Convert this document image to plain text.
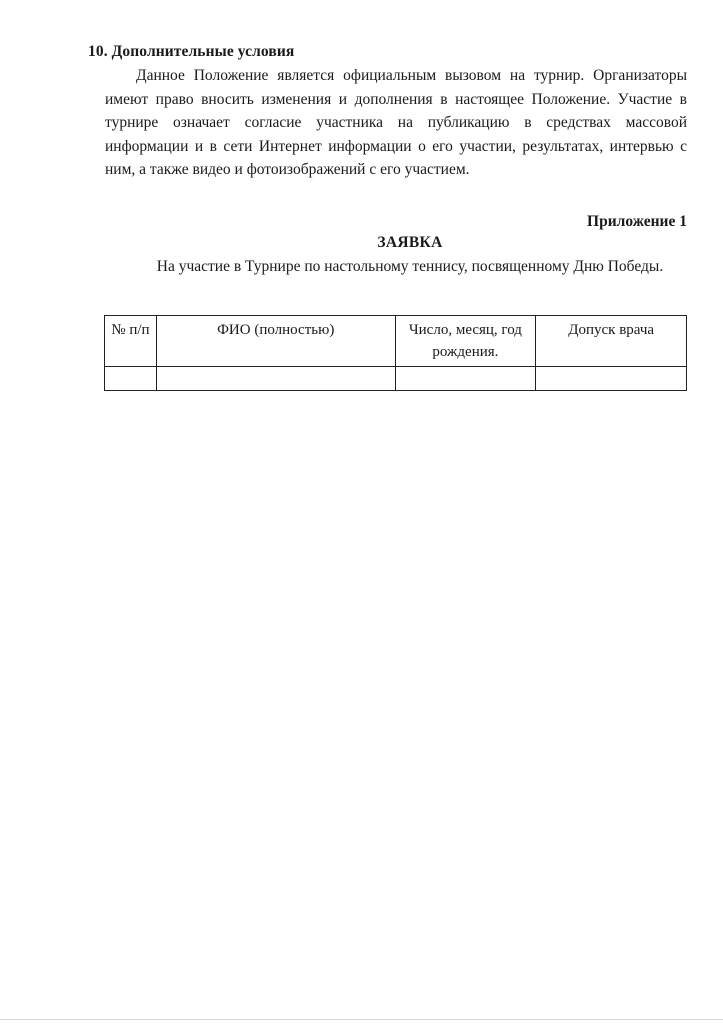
10. Дополнительные условия
Данное Положение является официальным вызовом на турнир. Организаторы имеют право вносить изменения и дополнения в настоящее Положение. Участие в турнире означает согласие участника на публикацию в средствах массовой информации и в сети Интернет информации о его участии, результатах, интервью с ним, а также видео и фотоизображений с его участием.
Приложение 1
ЗАЯВКА
На участие в Турнире по настольному теннису, посвященному Дню Победы.
№ п/п	ФИО (полностью)	Число, месяц, год рождения.	Допуск врача
